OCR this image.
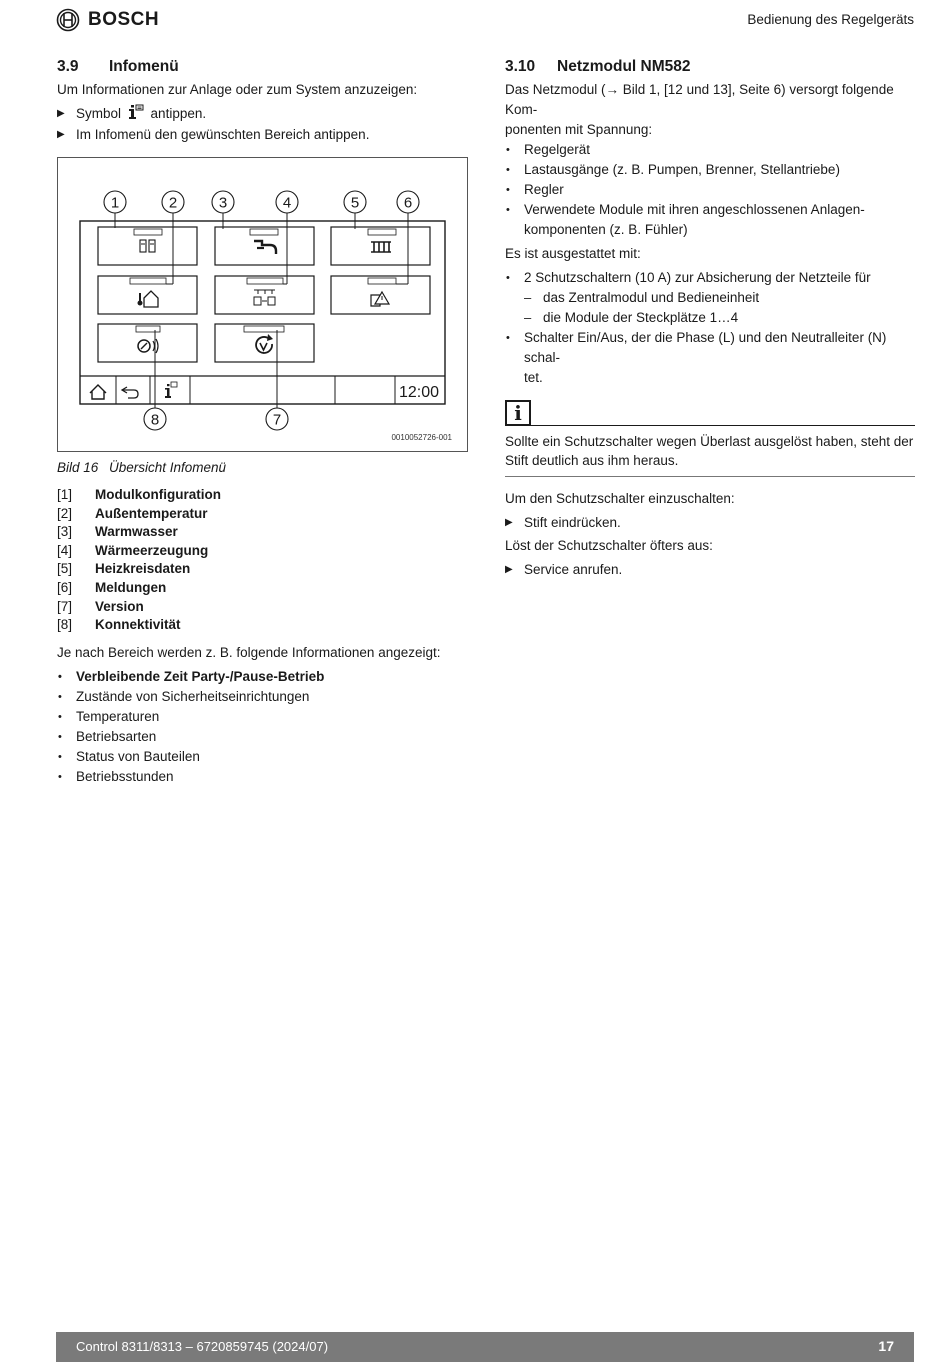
BOSCH	Bedienung des Regelgeräts
3.9 Infomenü

Um Informationen zur Anlage oder zum System anzuzeigen:

▶ Symbol antippen.
▶ Im Infomenü den gewünschten Bereich antippen.
1	2	3	4	5	6
7
8
12:00
0010052726-001
Bild 16 Übersicht Infomenü
[1] Modulkonfiguration
[2] Außentemperatur
[3] Warmwasser
[4] Wärmeerzeugung
[5] Heizkreisdaten
[6] Meldungen
[7] Version
[8] Konnektivität

Je nach Bereich werden z. B. folgende Informationen angezeigt:

• Verbleibende Zeit Party-/Pause-Betrieb
• Zustände von Sicherheitseinrichtungen
• Temperaturen
• Betriebsarten
• Status von Bauteilen
• Betriebsstunden
3.10 Netzmodul NM582

Das Netzmodul (→ Bild 1, [12 und 13], Seite 6) versorgt folgende Kom-
ponenten mit Spannung:

• Regelgerät
• Lastausgänge (z. B. Pumpen, Brenner, Stellantriebe)
• Regler
• Verwendete Module mit ihren angeschlossenen Anlagen-
komponenten (z. B. Fühler)

Es ist ausgestattet mit:

• 2 Schutzschaltern (10 A) zur Absicherung der Netzteile für
– das Zentralmodul und Bedieneinheit
– die Module der Steckplätze 1…4
• Schalter Ein/Aus, der die Phase (L) und den Neutralleiter (N) schal-
tet.
i
Sollte ein Schutzschalter wegen Überlast ausgelöst haben, steht der
Stift deutlich aus ihm heraus.

Um den Schutzschalter einzuschalten:

▶ Stift eindrücken.

Löst der Schutzschalter öfters aus:

▶ Service anrufen.
Control 8311/8313 – 6720859745 (2024/07)	17
